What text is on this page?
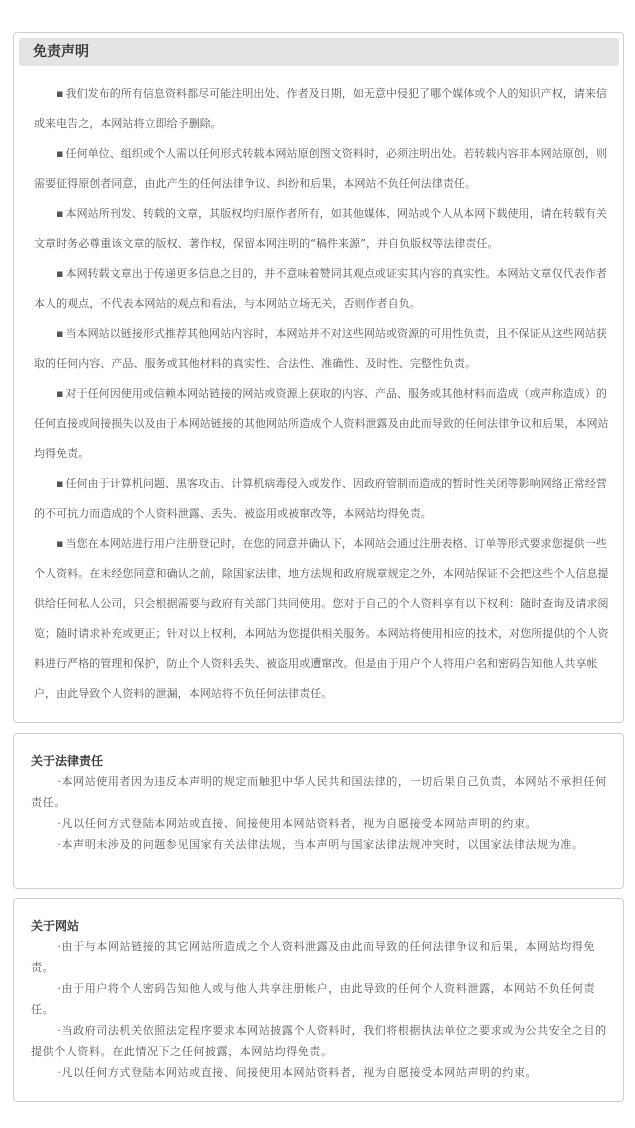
免责声明

▪ 我们发布的所有信息资料都尽可能注明出处、作者及日期，如无意中侵犯了哪个媒体或个人的知识产权，请来信或来电告之，本网站将立即给予删除。

▪ 任何单位、组织或个人需以任何形式转载本网站原创图文资料时，必须注明出处。若转载内容非本网站原创，则需要征得原创者同意，由此产生的任何法律争议、纠纷和后果，本网站不负任何法律责任。

▪ 本网站所刊发、转载的文章，其版权均归原作者所有，如其他媒体、网站或个人从本网下载使用，请在转载有关文章时务必尊重该文章的版权、著作权，保留本网注明的“稿件来源”，并自负版权等法律责任。

▪ 本网转载文章出于传递更多信息之目的，并不意味着赞同其观点或证实其内容的真实性。本网站文章仅代表作者本人的观点，不代表本网站的观点和看法，与本网站立场无关，否则作者自负。

▪ 当本网站以链接形式推荐其他网站内容时，本网站并不对这些网站或资源的可用性负责，且不保证从这些网站获取的任何内容、产品、服务或其他材料的真实性、合法性、准确性、及时性、完整性负责。

▪ 对于任何因使用或信赖本网站链接的网站或资源上获取的内容、产品、服务或其他材料而造成（或声称造成）的任何直接或间接损失以及由于本网站链接的其他网站所造成个人资料泄露及由此而导致的任何法律争议和后果，本网站均得免责。

▪ 任何由于计算机问题、黑客攻击、计算机病毒侵入或发作、因政府管制而造成的暂时性关闭等影响网络正常经营的不可抗力而造成的个人资料泄露、丢失、被盗用或被窜改等，本网站均得免责。

▪ 当您在本网站进行用户注册登记时，在您的同意并确认下，本网站会通过注册表格、订单等形式要求您提供一些个人资料。在未经您同意和确认之前，除国家法律、地方法规和政府规章规定之外，本网站保证不会把这些个人信息提供给任何私人公司，只会根据需要与政府有关部门共同使用。您对于自己的个人资料享有以下权利：随时查询及请求阅览；随时请求补充或更正；针对以上权利，本网站为您提供相关服务。本网站将使用相应的技术，对您所提供的个人资料进行严格的管理和保护，防止个人资料丢失、被盗用或遭窜改。但是由于用户个人将用户名和密码告知他人共享帐户，由此导致个人资料的泄漏，本网站将不负任何法律责任。

关于法律责任

·本网站使用者因为违反本声明的规定而触犯中华人民共和国法律的，一切后果自己负责，本网站不承担任何责任。

·凡以任何方式登陆本网站或直接、间接使用本网站资料者，视为自愿接受本网站声明的约束。

·本声明未涉及的问题参见国家有关法律法规，当本声明与国家法律法规冲突时，以国家法律法规为准。

关于网站

·由于与本网站链接的其它网站所造成之个人资料泄露及由此而导致的任何法律争议和后果，本网站均得免责。

·由于用户将个人密码告知他人或与他人共享注册帐户，由此导致的任何个人资料泄露，本网站不负任何责任。

·当政府司法机关依照法定程序要求本网站披露个人资料时，我们将根据执法单位之要求或为公共安全之目的提供个人资料。在此情况下之任何披露，本网站均得免责。

·凡以任何方式登陆本网站或直接、间接使用本网站资料者，视为自愿接受本网站声明的约束。
